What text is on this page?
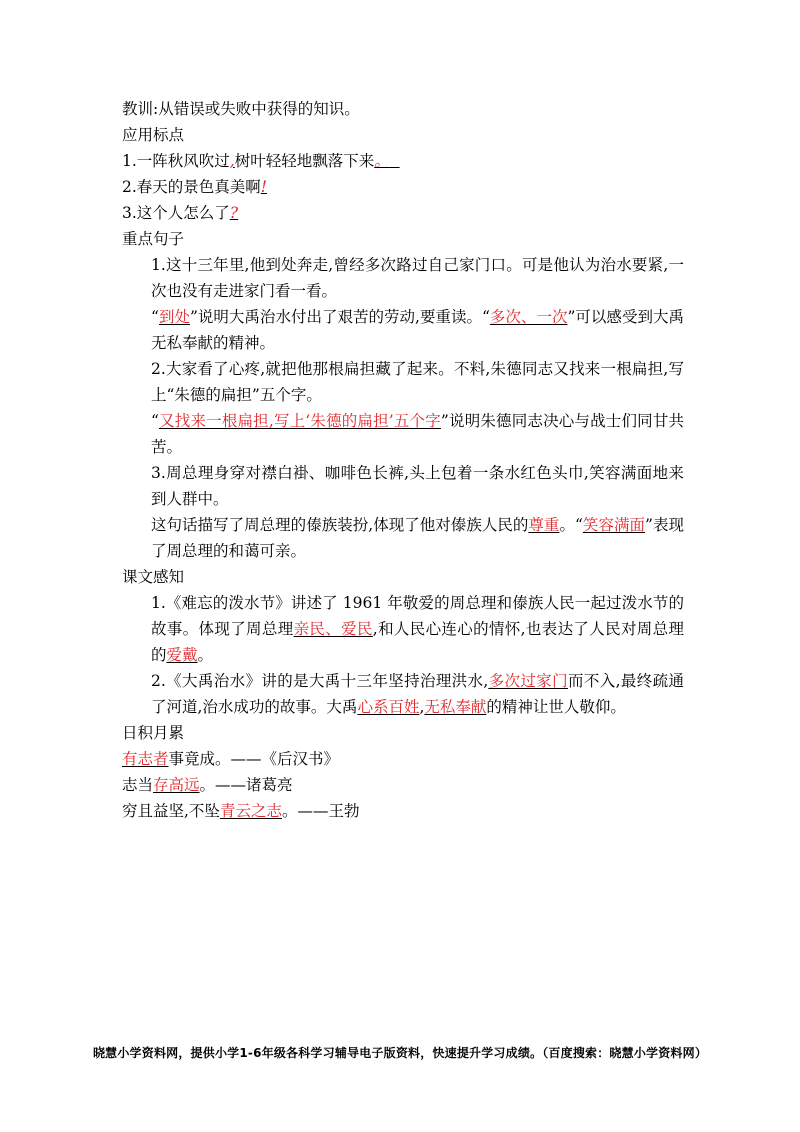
教训:从错误或失败中获得的知识。

应用标点

1.一阵秋风吹过,树叶轻轻地飘落下来。

2.春天的景色真美啊!

3.这个人怎么了?

重点句子

1.这十三年里,他到处奔走,曾经多次路过自己家门口。可是他认为治水要紧,一次也没有走进家门看一看。

“到处”说明大禹治水付出了艰苦的劳动,要重读。“多次、一次”可以感受到大禹无私奉献的精神。

2.大家看了心疼,就把他那根扁担藏了起来。不料,朱德同志又找来一根扁担,写上“朱德的扁担”五个字。

“又找来一根扁担,写上‘朱德的扁担’五个字”说明朱德同志决心与战士们同甘共苦。

3.周总理身穿对襟白褂、咖啡色长裤,头上包着一条水红色头巾,笑容满面地来到人群中。

这句话描写了周总理的傣族装扮,体现了他对傣族人民的尊重。“笑容满面”表现了周总理的和蔼可亲。

课文感知

1.《难忘的泼水节》讲述了 1961 年敬爱的周总理和傣族人民一起过泼水节的故事。体现了周总理亲民、爱民,和人民心连心的情怀,也表达了人民对周总理的爱戴。

2.《大禹治水》讲的是大禹十三年坚持治理洪水,多次过家门而不入,最终疏通了河道,治水成功的故事。大禹心系百姓,无私奉献的精神让世人敬仰。

日积月累

有志者事竟成。——《后汉书》

志当存高远。——诸葛亮

穷且益坚,不坠青云之志。——王勃

晓慧小学资料网，提供小学1-6年级各科学习辅导电子版资料，快速提升学习成绩。（百度搜索：晓慧小学资料网）
